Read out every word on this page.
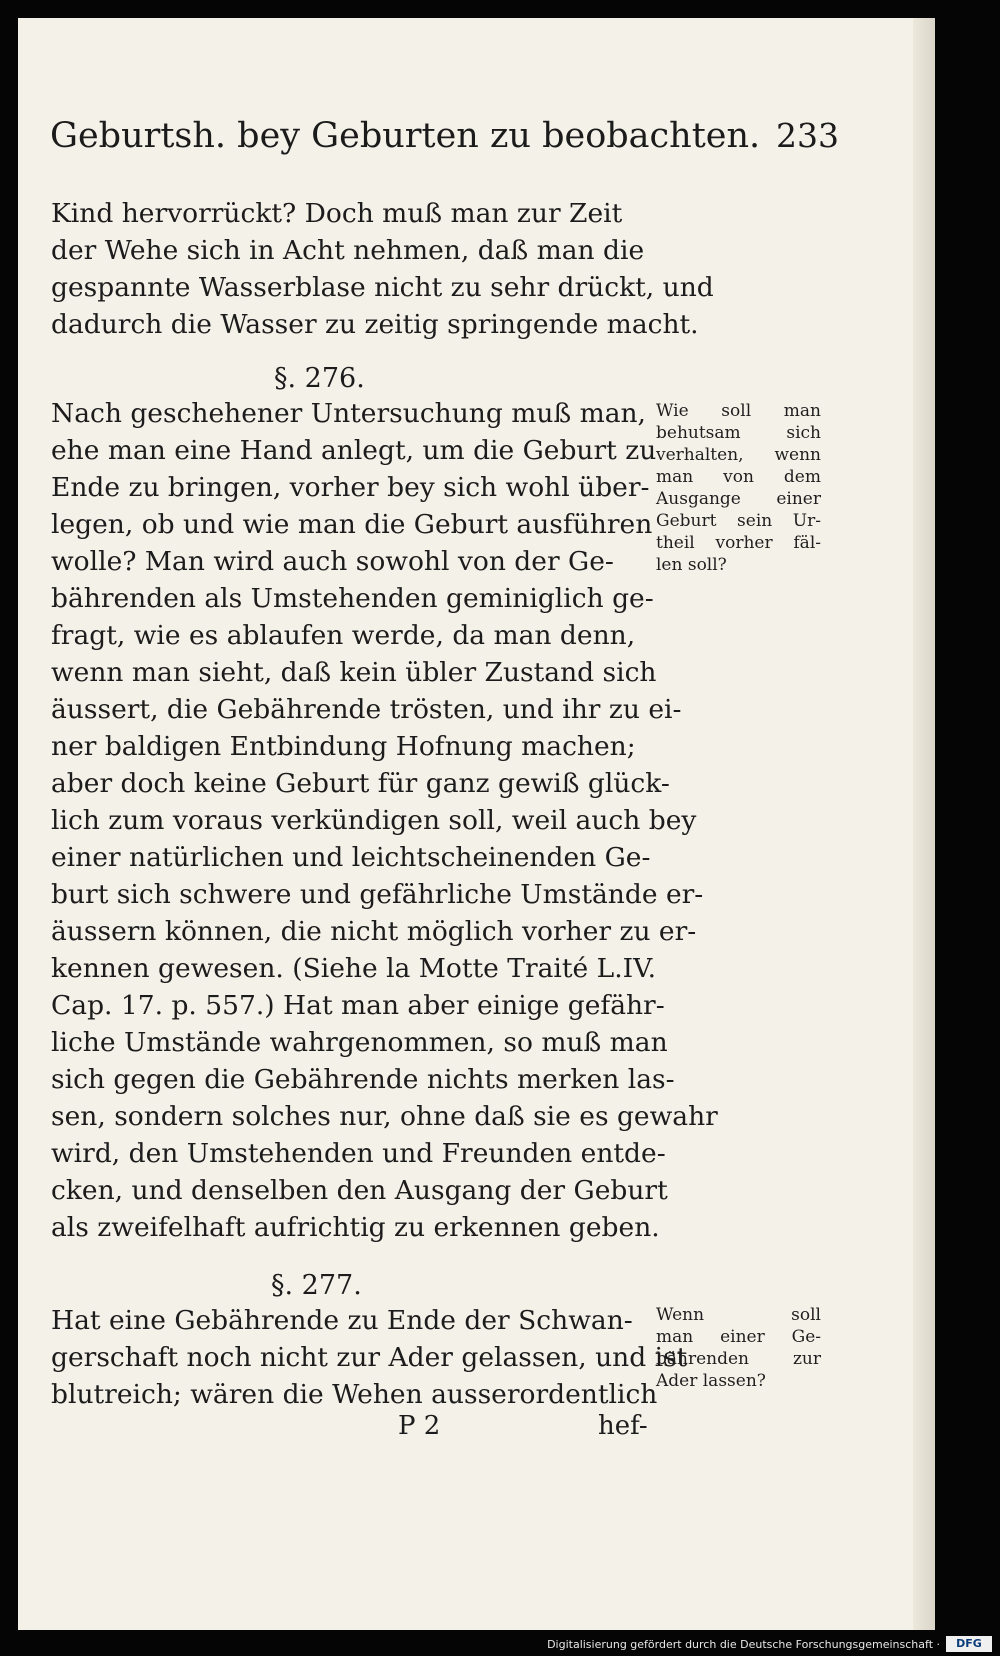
Geburtsh. bey Geburten zu beobachten. 233
Kind hervorrückt? Doch muß man zur Zeit
der Wehe sich in Acht nehmen, daß man die
gespannte Wasserblase nicht zu sehr drückt, und
dadurch die Wasser zu zeitig springende macht.
§. 276.
Nach geschehener Untersuchung muß man,
ehe man eine Hand anlegt, um die Geburt zu
Ende zu bringen, vorher bey sich wohl über-
legen, ob und wie man die Geburt ausführen
wolle? Man wird auch sowohl von der Ge-
bährenden als Umstehenden geminiglich ge-
fragt, wie es ablaufen werde, da man denn,
wenn man sieht, daß kein übler Zustand sich
äussert, die Gebährende trösten, und ihr zu ei-
ner baldigen Entbindung Hofnung machen;
aber doch keine Geburt für ganz gewiß glück-
lich zum voraus verkündigen soll, weil auch bey
einer natürlichen und leichtscheinenden Ge-
burt sich schwere und gefährliche Umstände er-
äussern können, die nicht möglich vorher zu er-
kennen gewesen. (Siehe la Motte Traité L.IV.
Cap. 17. p. 557.) Hat man aber einige gefähr-
liche Umstände wahrgenommen, so muß man
sich gegen die Gebährende nichts merken las-
sen, sondern solches nur, ohne daß sie es gewahr
wird, den Umstehenden und Freunden entde-
cken, und denselben den Ausgang der Geburt
als zweifelhaft aufrichtig zu erkennen geben.
Wie soll man
behutsam sich
verhalten, wenn
man von dem
Ausgange einer
Geburt sein Ur-
theil vorher fäl-
len soll?
§. 277.
Hat eine Gebährende zu Ende der Schwan-
gerschaft noch nicht zur Ader gelassen, und ist
blutreich; wären die Wehen ausserordentlich
Wenn soll
man einer Ge-
bährenden zur
Ader lassen?
P 2	hef-
Digitalisierung gefördert durch die Deutsche Forschungsgemeinschaft ·	DFG
